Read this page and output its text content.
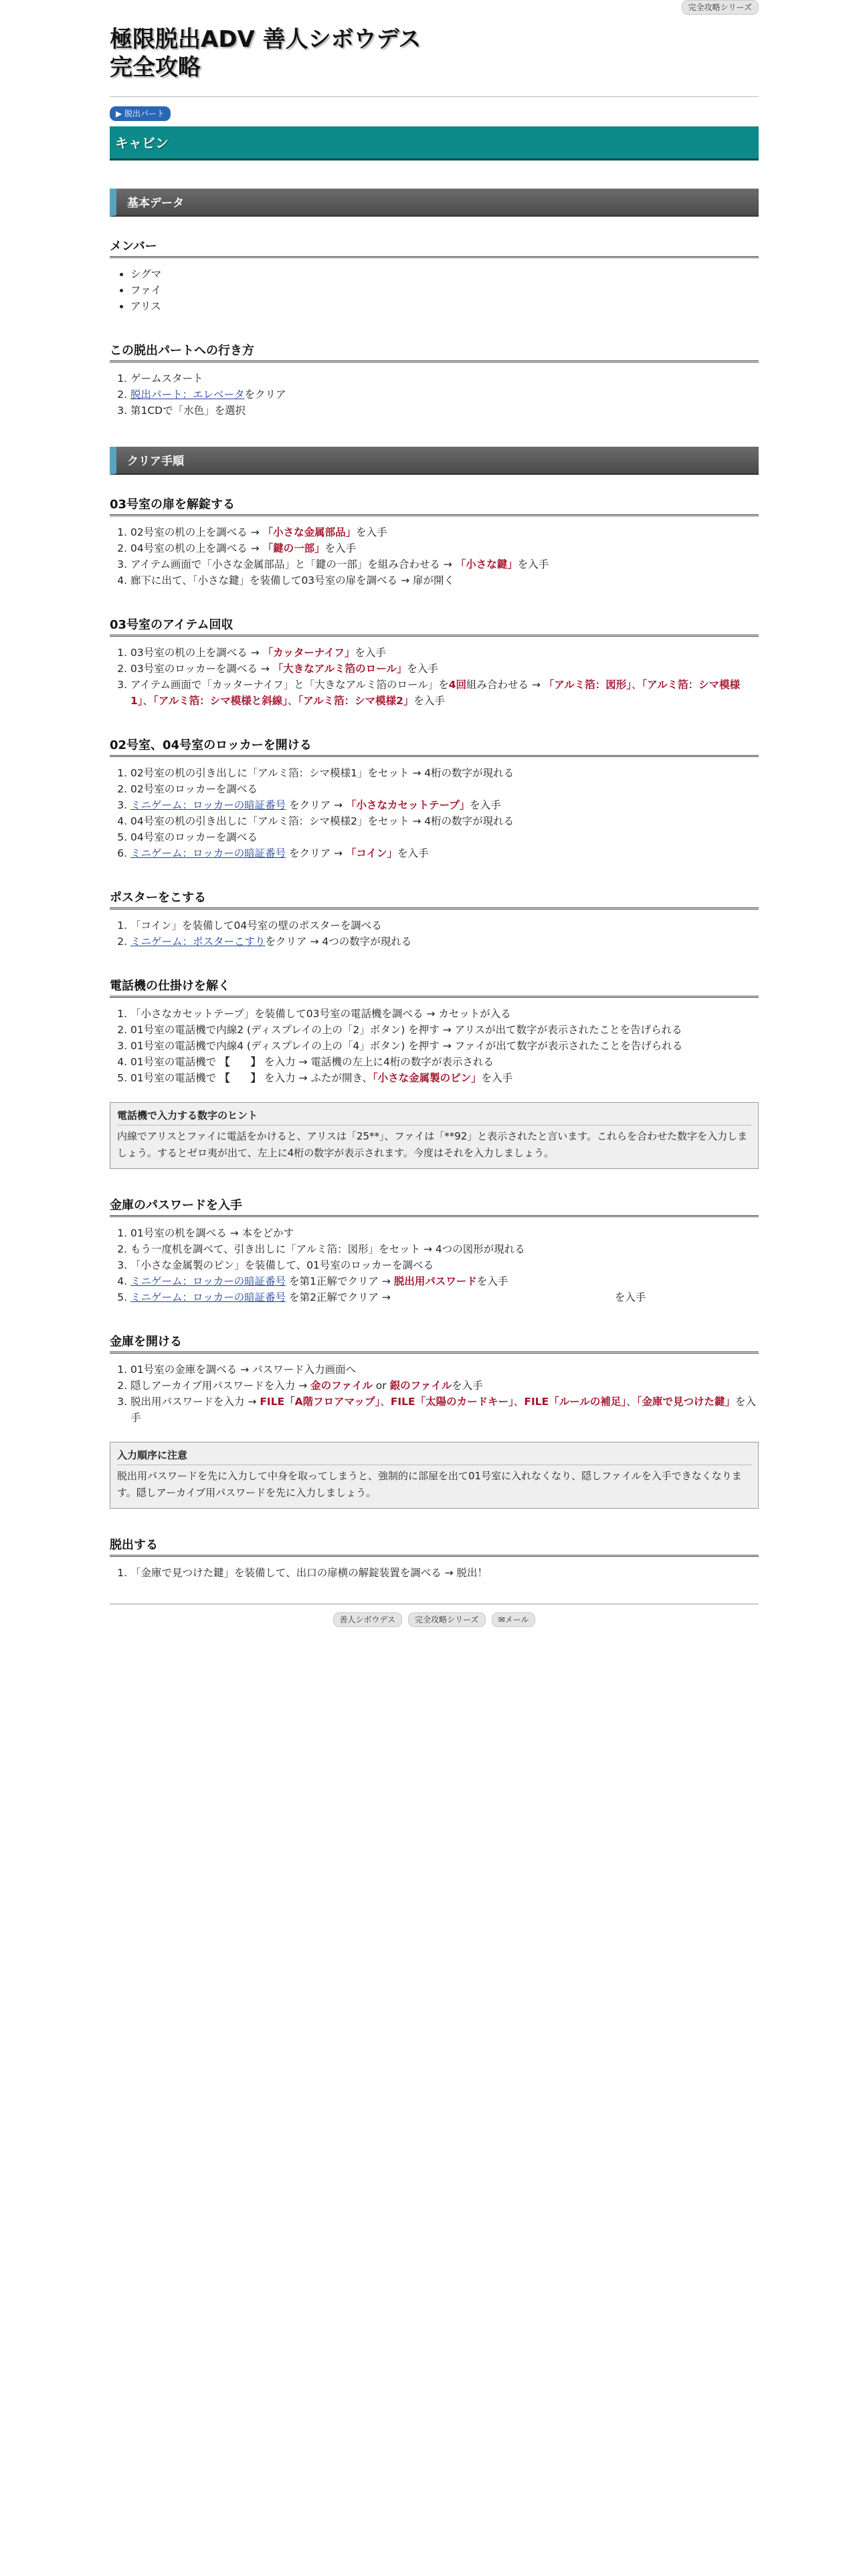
完全攻略シリーズ
極限脱出ADV 善人シボウデス
完全攻略
▶ 脱出パート
キャビン
基本データ
メンバー
• シグマ
• ファイ
• アリス
この脱出パートへの行き方
1. ゲームスタート
2. 脱出パート：エレベータをクリア
3. 第1CDで「水色」を選択
クリア手順
03号室の扉を解錠する
1. 02号室の机の上を調べる → 「小さな金属部品」を入手
2. 04号室の机の上を調べる → 「鍵の一部」を入手
3. アイテム画面で「小さな金属部品」と「鍵の一部」を組み合わせる → 「小さな鍵」を入手
4. 廊下に出て、「小さな鍵」を装備して03号室の扉を調べる → 扉が開く
03号室のアイテム回収
1. 03号室の机の上を調べる → 「カッターナイフ」を入手
2. 03号室のロッカーを調べる → 「大きなアルミ箔のロール」を入手
3. アイテム画面で「カッターナイフ」と「大きなアルミ箔のロール」を4回組み合わせる → 「アルミ箔：図形」、「アルミ箔：シマ模様1」、「アルミ箔：シマ模様と斜線」、「アルミ箔：シマ模様2」を入手
02号室、04号室のロッカーを開ける
1. 02号室の机の引き出しに「アルミ箔：シマ模様1」をセット → 4桁の数字が現れる
2. 02号室のロッカーを調べる
3. ミニゲーム：ロッカーの暗証番号 をクリア → 「小さなカセットテープ」を入手
4. 04号室の机の引き出しに「アルミ箔：シマ模様2」をセット → 4桁の数字が現れる
5. 04号室のロッカーを調べる
6. ミニゲーム：ロッカーの暗証番号 をクリア → 「コイン」を入手
ポスターをこする
1. 「コイン」を装備して04号室の壁のポスターを調べる
2. ミニゲーム：ポスターこすりをクリア → 4つの数字が現れる
電話機の仕掛けを解く
1. 「小さなカセットテープ」を装備して03号室の電話機を調べる → カセットが入る
2. 01号室の電話機で内線2 (ディスプレイの上の「2」ボタン) を押す → アリスが出て数字が表示されたことを告げられる
3. 01号室の電話機で内線4 (ディスプレイの上の「4」ボタン) を押す → ファイが出て数字が表示されたことを告げられる
4. 01号室の電話機で 【　　】 を入力 → 電話機の左上に4桁の数字が表示される
5. 01号室の電話機で 【　　】 を入力 → ふたが開き、「小さな金属製のピン」を入手
電話機で入力する数字のヒント
内線でアリスとファイに電話をかけると、アリスは「25**」、ファイは「**92」と表示されたと言います。これらを合わせた数字を入力しましょう。するとゼロ夷が出て、左上に4桁の数字が表示されます。今度はそれを入力しましょう。
金庫のパスワードを入手
1. 01号室の机を調べる → 本をどかす
2. もう一度机を調べて、引き出しに「アルミ箔：図形」をセット → 4つの図形が現れる
3. 「小さな金属製のピン」を装備して、01号室のロッカーを調べる
4. ミニゲーム：ロッカーの暗証番号 を第1正解でクリア → 脱出用パスワードを入手
5. ミニゲーム：ロッカーの暗証番号 を第2正解でクリア →	を入手
金庫を開ける
1. 01号室の金庫を調べる → パスワード入力画面へ
2. 隠しアーカイブ用パスワードを入力 → 金のファイル or 銀のファイルを入手
3. 脱出用パスワードを入力 → FILE「A階フロアマップ」、FILE「太陽のカードキー」、FILE「ルールの補足」、「金庫で見つけた鍵」を入手
入力順序に注意
脱出用パスワードを先に入力して中身を取ってしまうと、強制的に部屋を出て01号室に入れなくなり、隠しファイルを入手できなくなります。隠しアーカイブ用パスワードを先に入力しましょう。
脱出する
1. 「金庫で見つけた鍵」を装備して、出口の扉横の解錠装置を調べる → 脱出！
善人シボウデス 完全攻略シリーズ ✉メール
